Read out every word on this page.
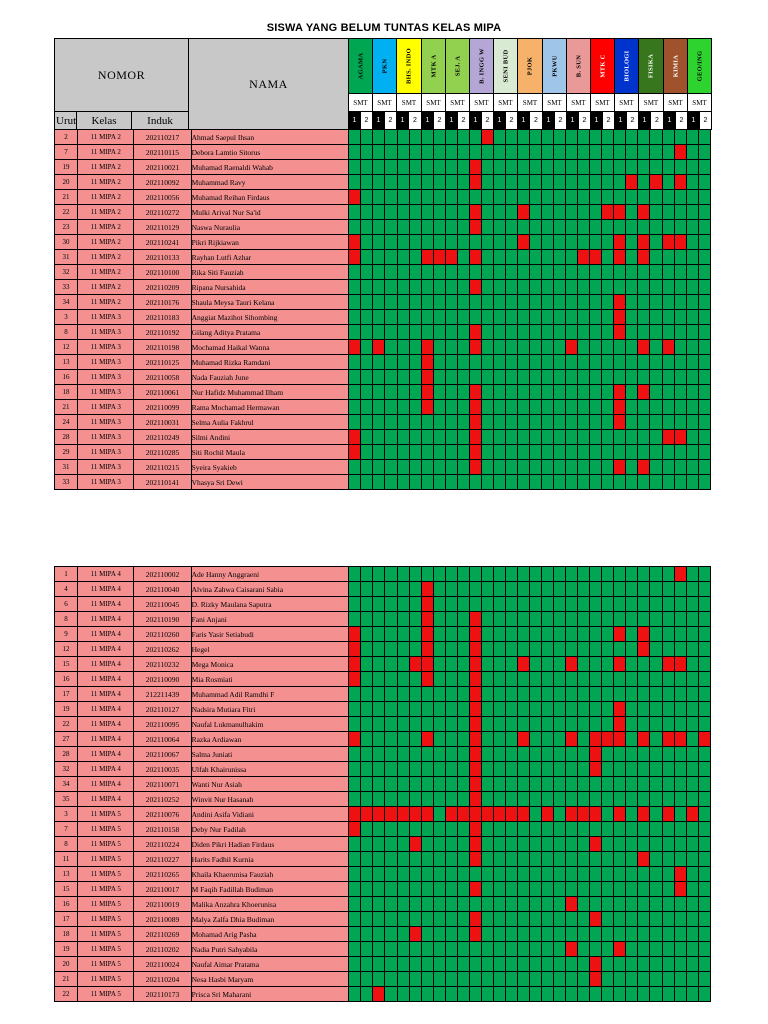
SISWA YANG BELUM TUNTAS KELAS MIPA
NOMOR
NAMA
Urut	Kelas	Induk
AGAMA
SMT
1	2
PKN
SMT
1	2
BHS. INDO
SMT
1	2
MTK A
SMT
1	2
SEJ. A
SMT
1	2
B. INGG W
SMT
1	2
SENI BUD
SMT
1	2
PJOK
SMT
1	2
PKWU
SMT
1	2
B. SUN
SMT
1	2
MTK C
SMT
1	2
BIOLOGI
SMT
1	2
FISIKA
SMT
1	2
KIMIA
SMT
1	2
GEO/ING
SMT
1	2
2	11 MIPA 2	202110217	Ahmad Saepul Ihsan																														
7	11 MIPA 2	202110115	Debora Lamtio Sitorus																														
19	11 MIPA 2	202110021	Muhamad Raenaldi Wahab																														
20	11 MIPA 2	202110092	Muhammad Ravy																														
21	11 MIPA 2	202110056	Muhamad Reihan Firdaus																														
22	11 MIPA 2	202110272	Mulki Arival Nur Sa'id																														
23	11 MIPA 2	202110129	Naswa Nuraulia																														
30	11 MIPA 2	202110241	Pikri Rijkiawan																														
31	11 MIPA 2	202110133	Rayhan Lutfi Azhar																														
32	11 MIPA 2	202110100	Rika Siti Fauziah																														
33	11 MIPA 2	202110209	Ripana Nursahida																														
34	11 MIPA 2	202110176	Shaula Meysa Tauri Kelana																														
3	11 MIPA 3	202110183	Anggiat Mazihot Sihombing																														
8	11 MIPA 3	202110192	Gilang Aditya Pratama																														
12	11 MIPA 3	202110198	Mochamad Haikal Wanna																														
13	11 MIPA 3	202110125	Muhamad Rizka Ramdani																														
16	11 MIPA 3	202110058	Nada Fauziah June																														
18	11 MIPA 3	202110061	Nur Hafidz Muhammad Ilham																														
21	11 MIPA 3	202110099	Rama Mochamad Hermawan																														
24	11 MIPA 3	202110031	Selma Aulia Fakhrul																														
28	11 MIPA 3	202110249	Silmi Andini																														
29	11 MIPA 3	202110285	Siti Rochil Maula																														
31	11 MIPA 3	202110215	Syeira Syakieb																														
33	11 MIPA 3	202110141	Vhasya Sri Dewi																														
1	11 MIPA 4	202110002	Ade Hanny Anggraeni																														
4	11 MIPA 4	202110040	Alvina Zahwa Caisarani Sabia																														
6	11 MIPA 4	202110045	D. Rizky Maulana Saputra																														
8	11 MIPA 4	202110190	Fani Anjani																														
9	11 MIPA 4	202110260	Faris Yasir Setiabudi																														
12	11 MIPA 4	202110262	Hegel																														
15	11 MIPA 4	202110232	Mega Monica																														
16	11 MIPA 4	202110090	Mia Rosmiati																														
17	11 MIPA 4	212211439	Muhammad Adil Ramdhi F																														
19	11 MIPA 4	202110127	Nadsira Mutiara Fitri																														
22	11 MIPA 4	202110095	Naufal Lukmanulhakim																														
27	11 MIPA 4	202110064	Razka Ardiawan																														
28	11 MIPA 4	202110067	Salma Juniati																														
32	11 MIPA 4	202110035	Ulfah Khairunissa																														
34	11 MIPA 4	202110071	Wanti Nur Asiah																														
35	11 MIPA 4	202110252	Winvit Nur Hasanah																														
3	11 MIPA 5	202110076	Andini Asifa Vidiani																														
7	11 MIPA 5	202110158	Deby Nur Fadilah																														
8	11 MIPA 5	202110224	Diden Pikri Hadian Firdaus																														
11	11 MIPA 5	202110227	Harits Fadhil Kurnia																														
13	11 MIPA 5	202110265	Khaila Khaerunisa Fauziah																														
15	11 MIPA 5	202110017	M Faqih Fadillah Budiman																														
16	11 MIPA 5	202110019	Malika Anzahra Khoerunisa																														
17	11 MIPA 5	202110089	Malya Zalfa Dhia Budiman																														
18	11 MIPA 5	202110269	Mohamad Arig Pasha																														
19	11 MIPA 5	202110202	Nadia Putri Sahyabila																														
20	11 MIPA 5	202110024	Naufal Aimar Pratama																														
21	11 MIPA 5	202110204	Nesa Hasbi Maryam																														
22	11 MIPA 5	202110173	Prisca Sri Maharani																														
